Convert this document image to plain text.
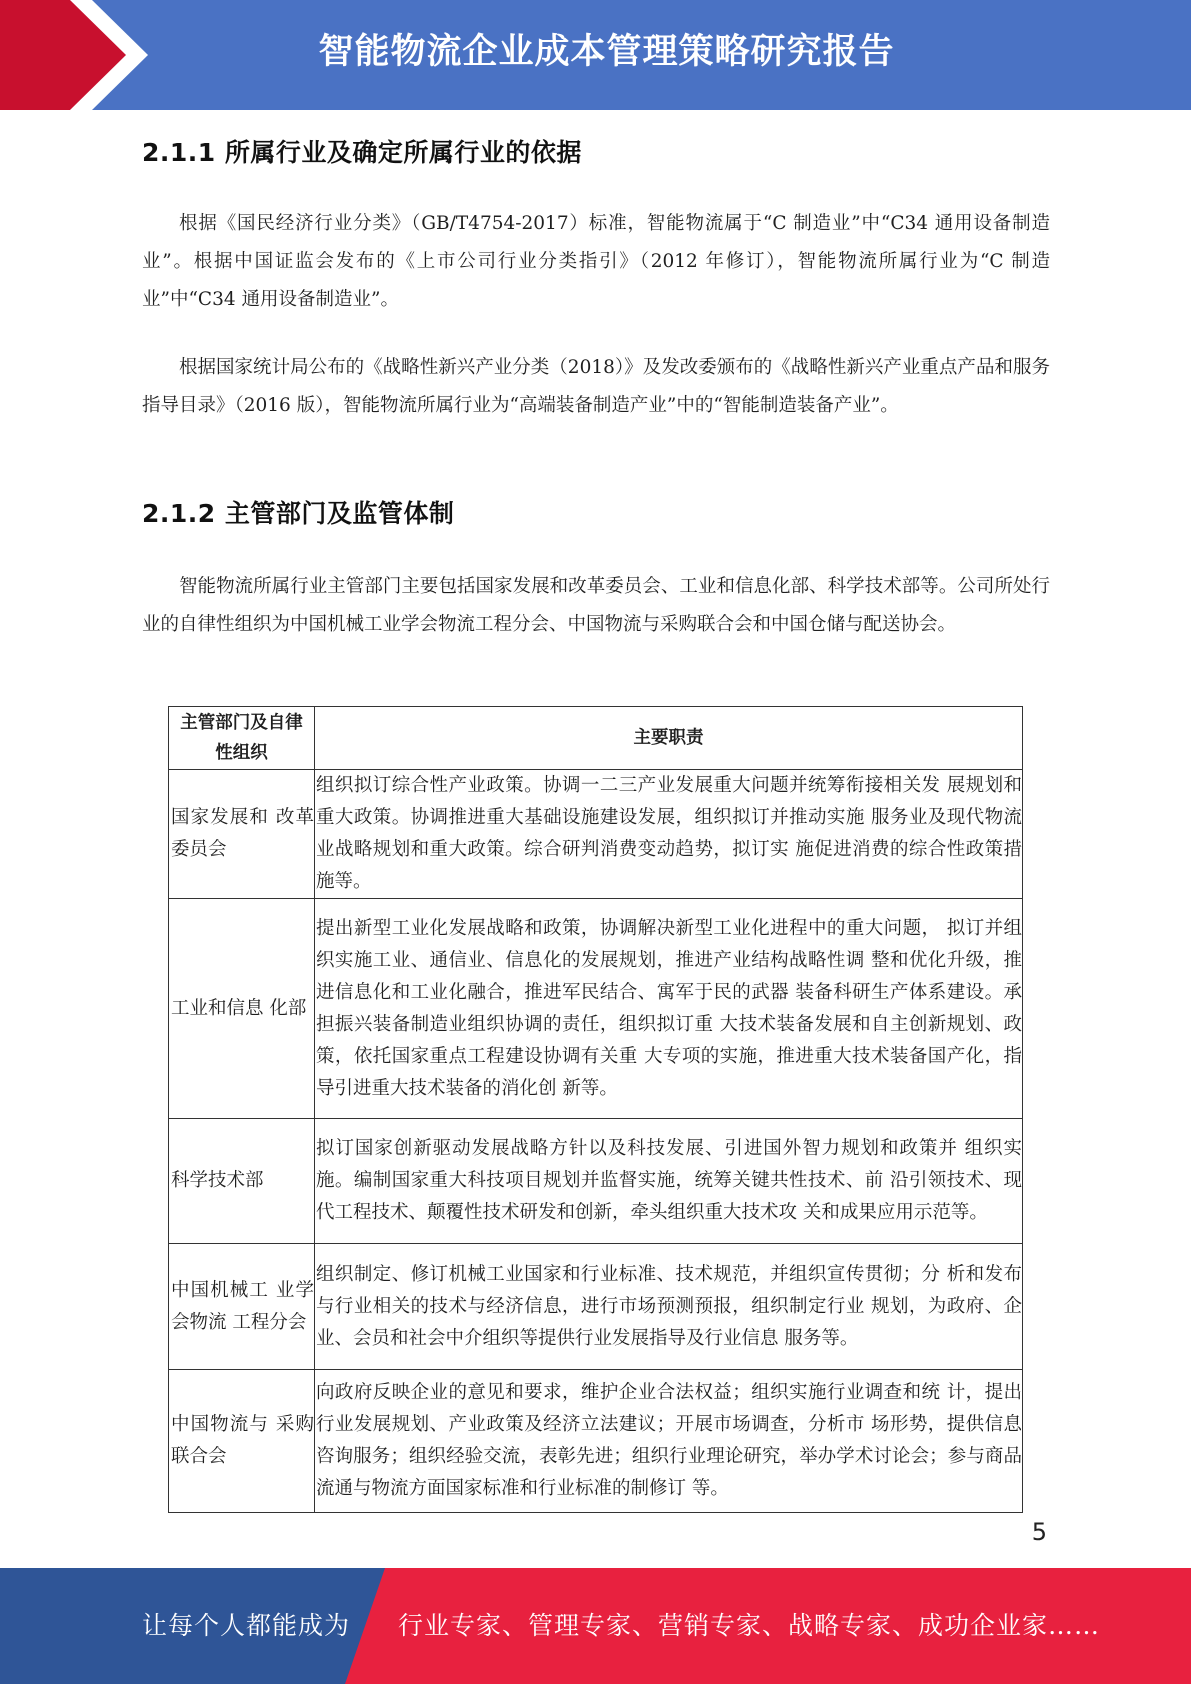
智能物流企业成本管理策略研究报告
2.1.1 所属行业及确定所属行业的依据

根据《国民经济行业分类》（GB/T4754-2017）标准，智能物流属于“C 制造业”中“C34 通用设备制造业”。根据中国证监会发布的《上市公司行业分类指引》（2012 年修订），智能物流所属行业为“C 制造业”中“C34 通用设备制造业”。

根据国家统计局公布的《战略性新兴产业分类（2018）》及发改委颁布的《战略性新兴产业重点产品和服务指导目录》（2016 版），智能物流所属行业为“高端装备制造产业”中的“智能制造装备产业”。

2.1.2 主管部门及监管体制

智能物流所属行业主管部门主要包括国家发展和改革委员会、工业和信息化部、科学技术部等。公司所处行业的自律性组织为中国机械工业学会物流工程分会、中国物流与采购联合会和中国仓储与配送协会。

主管部门及自律性组织	主要职责
国家发展和 改革委员会	组织拟订综合性产业政策。协调一二三产业发展重大问题并统筹衔接相关发 展规划和重大政策。协调推进重大基础设施建设发展，组织拟订并推动实施 服务业及现代物流业战略规划和重大政策。综合研判消费变动趋势，拟订实 施促进消费的综合性政策措施等。
工业和信息 化部	提出新型工业化发展战略和政策，协调解决新型工业化进程中的重大问题， 拟订并组织实施工业、通信业、信息化的发展规划，推进产业结构战略性调 整和优化升级，推进信息化和工业化融合，推进军民结合、寓军于民的武器 装备科研生产体系建设。承担振兴装备制造业组织协调的责任，组织拟订重 大技术装备发展和自主创新规划、政策，依托国家重点工程建设协调有关重 大专项的实施，推进重大技术装备国产化，指导引进重大技术装备的消化创 新等。
科学技术部	拟订国家创新驱动发展战略方针以及科技发展、引进国外智力规划和政策并 组织实施。编制国家重大科技项目规划并监督实施，统筹关键共性技术、前 沿引领技术、现代工程技术、颠覆性技术研发和创新，牵头组织重大技术攻 关和成果应用示范等。
中国机械工 业学会物流 工程分会	组织制定、修订机械工业国家和行业标准、技术规范，并组织宣传贯彻；分 析和发布与行业相关的技术与经济信息，进行市场预测预报，组织制定行业 规划，为政府、企业、会员和社会中介组织等提供行业发展指导及行业信息 服务等。
中国物流与 采购联合会	向政府反映企业的意见和要求，维护企业合法权益；组织实施行业调查和统 计，提出行业发展规划、产业政策及经济立法建议；开展市场调查，分析市 场形势，提供信息咨询服务；组织经验交流，表彰先进；组织行业理论研究，举办学术讨论会；参与商品流通与物流方面国家标准和行业标准的制修订 等。
5
让每个人都能成为 行业专家、管理专家、营销专家、战略专家、成功企业家……
